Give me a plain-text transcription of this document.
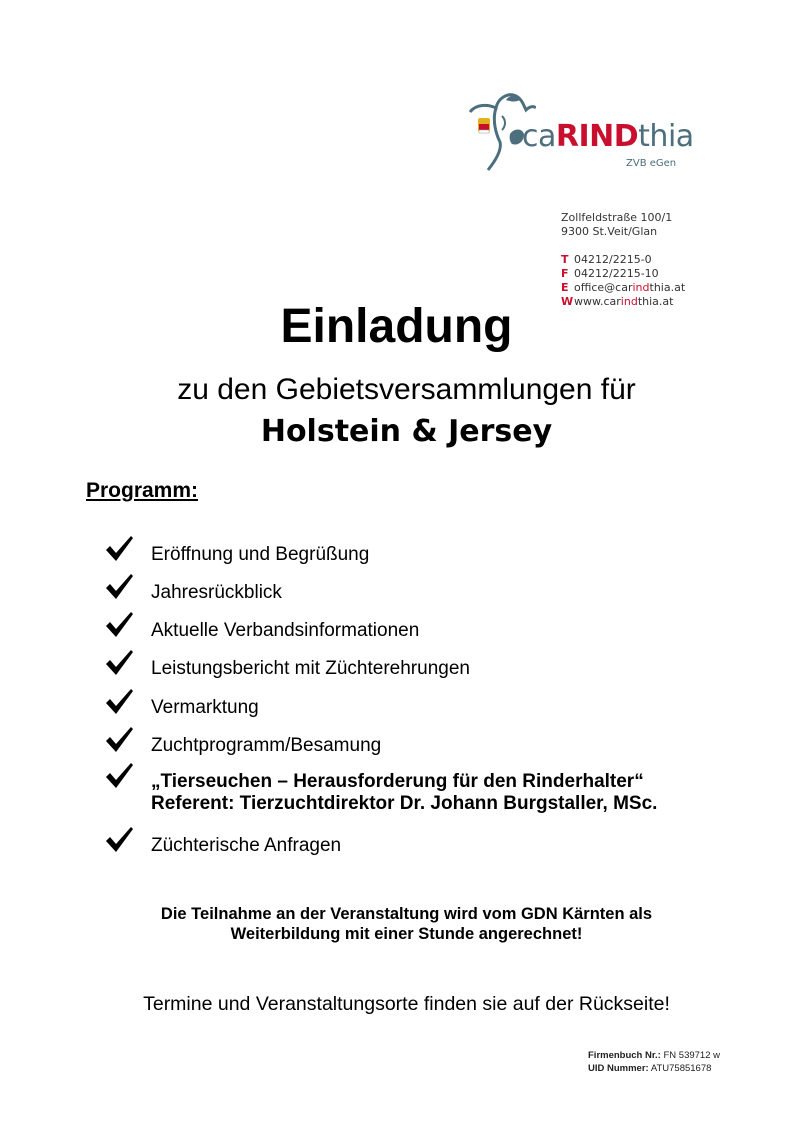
caRINDthia
ZVB eGen
Zollfeldstraße 100/1
9300 St.Veit/Glan
T 04212/2215-0
F 04212/2215-10
E office@carindthia.at
Wwww.carindthia.at
Einladung
zu den Gebietsversammlungen für
Holstein & Jersey
Programm:
Eröffnung und Begrüßung
Jahresrückblick
Aktuelle Verbandsinformationen
Leistungsbericht mit Züchterehrungen
Vermarktung
Zuchtprogramm/Besamung
„Tierseuchen – Herausforderung für den Rinderhalter“
Referent: Tierzuchtdirektor Dr. Johann Burgstaller, MSc.
Züchterische Anfragen
Die Teilnahme an der Veranstaltung wird vom GDN Kärnten als
Weiterbildung mit einer Stunde angerechnet!
Termine und Veranstaltungsorte finden sie auf der Rückseite!
Firmenbuch Nr.: FN 539712 w
UID Nummer: ATU75851678
